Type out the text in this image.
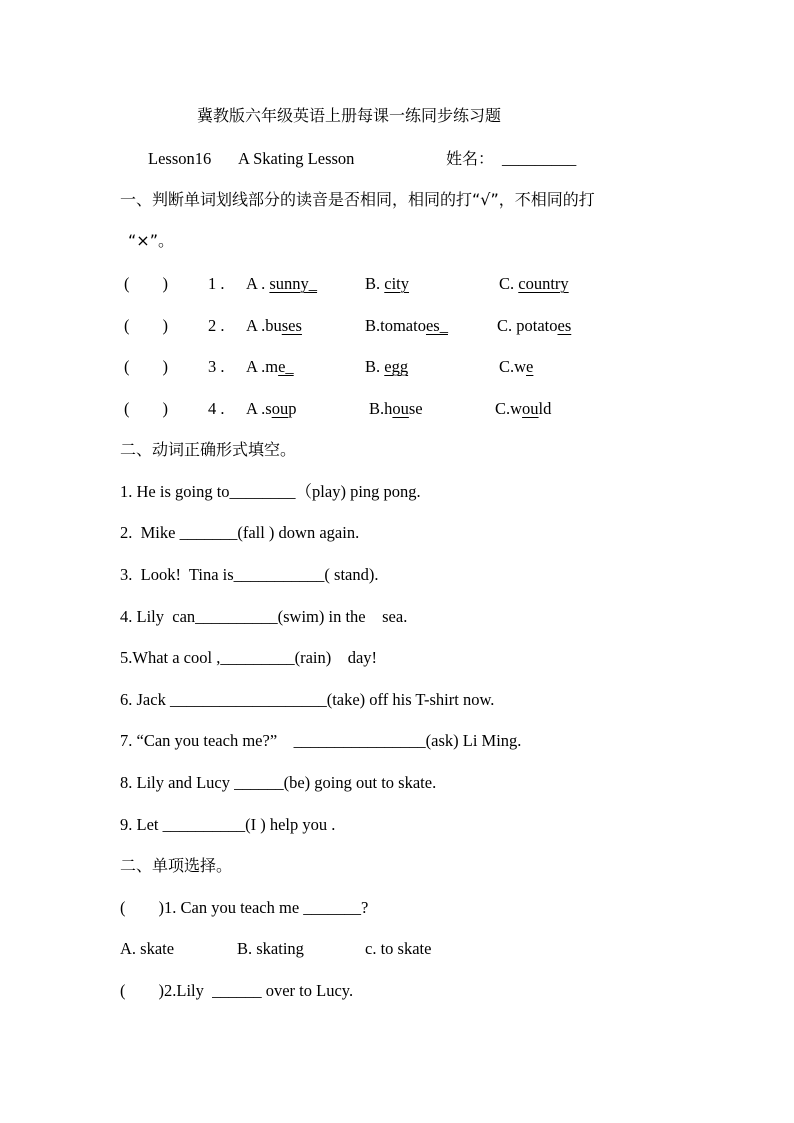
冀教版六年级英语上册每课一练同步练习题
Lesson16 A Skating Lesson	姓名： _________
一、判断单词划线部分的读音是否相同，相同的打“√”，不相同的打
“×”。
(        ) 1 . A . sunny_	B. city	C. country
(        ) 2 . A .buses	B.tomatoes_	C. potatoes
(        ) 3 . A .me_	B. egg	C.we
(        ) 4 . A .soup	B.house	C.would
二、动词正确形式填空。
1. He is going to________（play) ping pong.
2.  Mike _______(fall ) down again.
3.  Look!  Tina is___________( stand).
4. Lily  can__________(swim) in the    sea.
5.What a cool ,_________(rain)    day!
6. Jack ___________________(take) off his T-shirt now.
7. “Can you teach me?”    ________________(ask) Li Ming.
8. Lily and Lucy ______(be) going out to skate.
9. Let __________(I ) help you .
二、单项选择。
(        )1. Can you teach me _______?
A. skate	B. skating	c. to skate
(        )2.Lily  ______ over to Lucy.
